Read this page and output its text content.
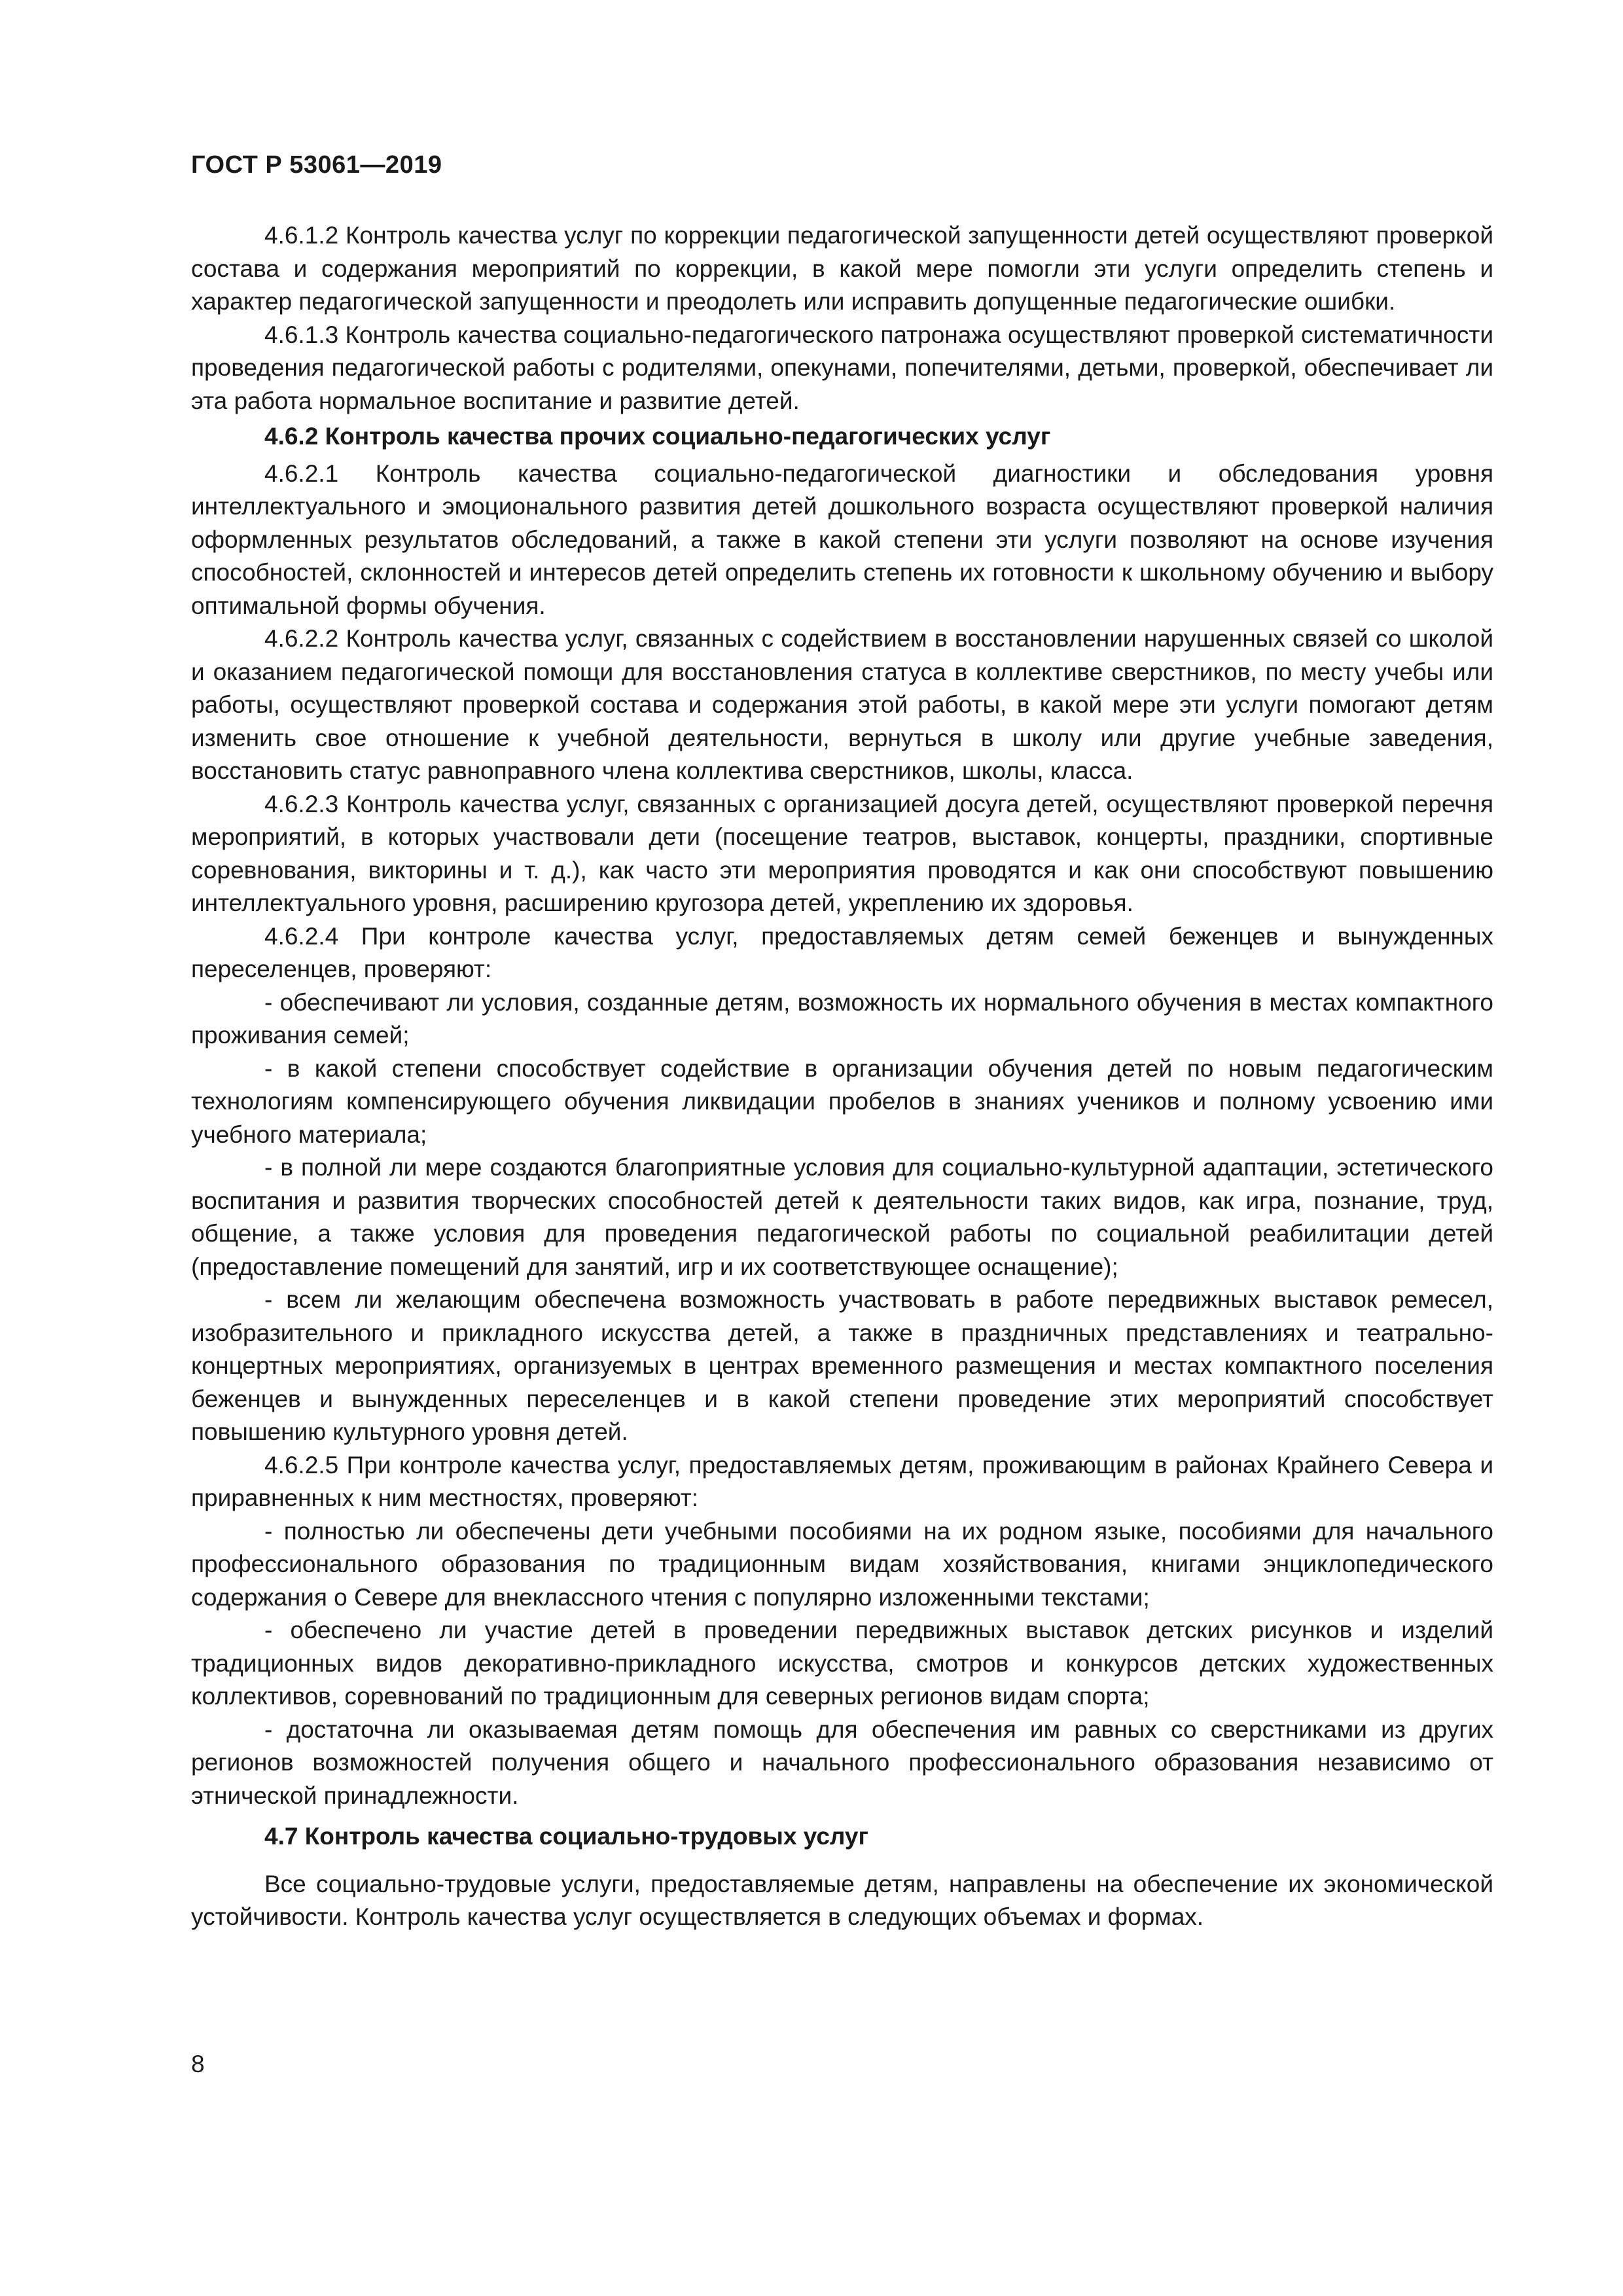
ГОСТ Р 53061—2019

4.6.1.2 Контроль качества услуг по коррекции педагогической запущенности детей осуществляют проверкой состава и содержания мероприятий по коррекции, в какой мере помогли эти услуги определить степень и характер педагогической запущенности и преодолеть или исправить допущенные педагогические ошибки.

4.6.1.3 Контроль качества социально-педагогического патронажа осуществляют проверкой систематичности проведения педагогической работы с родителями, опекунами, попечителями, детьми, проверкой, обеспечивает ли эта работа нормальное воспитание и развитие детей.

4.6.2 Контроль качества прочих социально-педагогических услуг

4.6.2.1 Контроль качества социально-педагогической диагностики и обследования уровня интеллектуального и эмоционального развития детей дошкольного возраста осуществляют проверкой наличия оформленных результатов обследований, а также в какой степени эти услуги позволяют на основе изучения способностей, склонностей и интересов детей определить степень их готовности к школьному обучению и выбору оптимальной формы обучения.

4.6.2.2 Контроль качества услуг, связанных с содействием в восстановлении нарушенных связей со школой и оказанием педагогической помощи для восстановления статуса в коллективе сверстников, по месту учебы или работы, осуществляют проверкой состава и содержания этой работы, в какой мере эти услуги помогают детям изменить свое отношение к учебной деятельности, вернуться в школу или другие учебные заведения, восстановить статус равноправного члена коллектива сверстников, школы, класса.

4.6.2.3 Контроль качества услуг, связанных с организацией досуга детей, осуществляют проверкой перечня мероприятий, в которых участвовали дети (посещение театров, выставок, концерты, праздники, спортивные соревнования, викторины и т. д.), как часто эти мероприятия проводятся и как они способствуют повышению интеллектуального уровня, расширению кругозора детей, укреплению их здоровья.

4.6.2.4 При контроле качества услуг, предоставляемых детям семей беженцев и вынужденных переселенцев, проверяют:

- обеспечивают ли условия, созданные детям, возможность их нормального обучения в местах компактного проживания семей;

- в какой степени способствует содействие в организации обучения детей по новым педагогическим технологиям компенсирующего обучения ликвидации пробелов в знаниях учеников и полному усвоению ими учебного материала;

- в полной ли мере создаются благоприятные условия для социально-культурной адаптации, эстетического воспитания и развития творческих способностей детей к деятельности таких видов, как игра, познание, труд, общение, а также условия для проведения педагогической работы по социальной реабилитации детей (предоставление помещений для занятий, игр и их соответствующее оснащение);

- всем ли желающим обеспечена возможность участвовать в работе передвижных выставок ремесел, изобразительного и прикладного искусства детей, а также в праздничных представлениях и театрально-концертных мероприятиях, организуемых в центрах временного размещения и местах компактного поселения беженцев и вынужденных переселенцев и в какой степени проведение этих мероприятий способствует повышению культурного уровня детей.

4.6.2.5 При контроле качества услуг, предоставляемых детям, проживающим в районах Крайнего Севера и приравненных к ним местностях, проверяют:

- полностью ли обеспечены дети учебными пособиями на их родном языке, пособиями для начального профессионального образования по традиционным видам хозяйствования, книгами энциклопедического содержания о Севере для внеклассного чтения с популярно изложенными текстами;

- обеспечено ли участие детей в проведении передвижных выставок детских рисунков и изделий традиционных видов декоративно-прикладного искусства, смотров и конкурсов детских художественных коллективов, соревнований по традиционным для северных регионов видам спорта;

- достаточна ли оказываемая детям помощь для обеспечения им равных со сверстниками из других регионов возможностей получения общего и начального профессионального образования независимо от этнической принадлежности.

4.7 Контроль качества социально-трудовых услуг

Все социально-трудовые услуги, предоставляемые детям, направлены на обеспечение их экономической устойчивости. Контроль качества услуг осуществляется в следующих объемах и формах.

8
